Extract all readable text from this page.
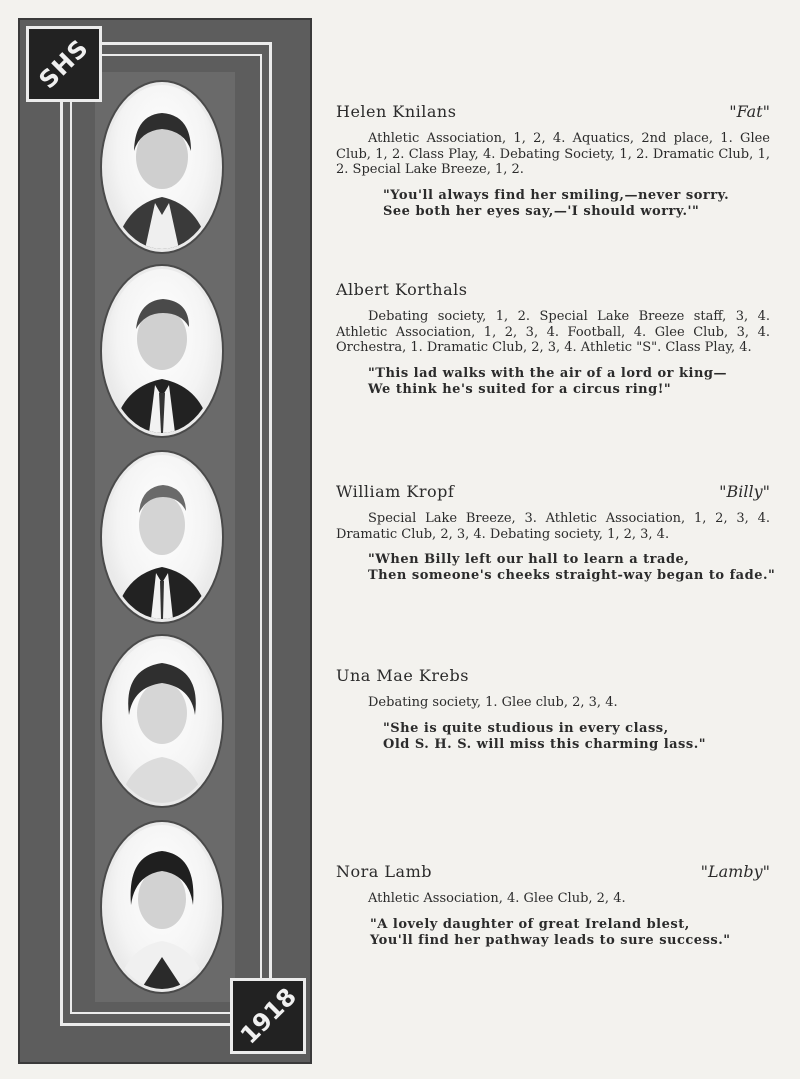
SHS
1918
Helen Knilans	"Fat"

Athletic Association, 1, 2, 4. Aquatics, 2nd place, 1. Glee Club, 1, 2. Class Play, 4. Debating Society, 1, 2. Dramatic Club, 1, 2. Special Lake Breeze, 1, 2.

"You'll always find her smiling,—never sorry.
See both her eyes say,—'I should worry.'"
Albert Korthals

Debating society, 1, 2. Special Lake Breeze staff, 3, 4. Athletic Association, 1, 2, 3, 4. Football, 4. Glee Club, 3, 4. Orchestra, 1. Dramatic Club, 2, 3, 4. Athletic "S". Class Play, 4.

"This lad walks with the air of a lord or king—
We think he's suited for a circus ring!"
William Kropf	"Billy"

Special Lake Breeze, 3. Athletic Association, 1, 2, 3, 4. Dramatic Club, 2, 3, 4. Debating society, 1, 2, 3, 4.

"When Billy left our hall to learn a trade,
Then someone's cheeks straight-way began to fade."
Una Mae Krebs

Debating society, 1. Glee club, 2, 3, 4.

"She is quite studious in every class,
Old S. H. S. will miss this charming lass."
Nora Lamb	"Lamby"

Athletic Association, 4. Glee Club, 2, 4.

"A lovely daughter of great Ireland blest,
You'll find her pathway leads to sure success."
